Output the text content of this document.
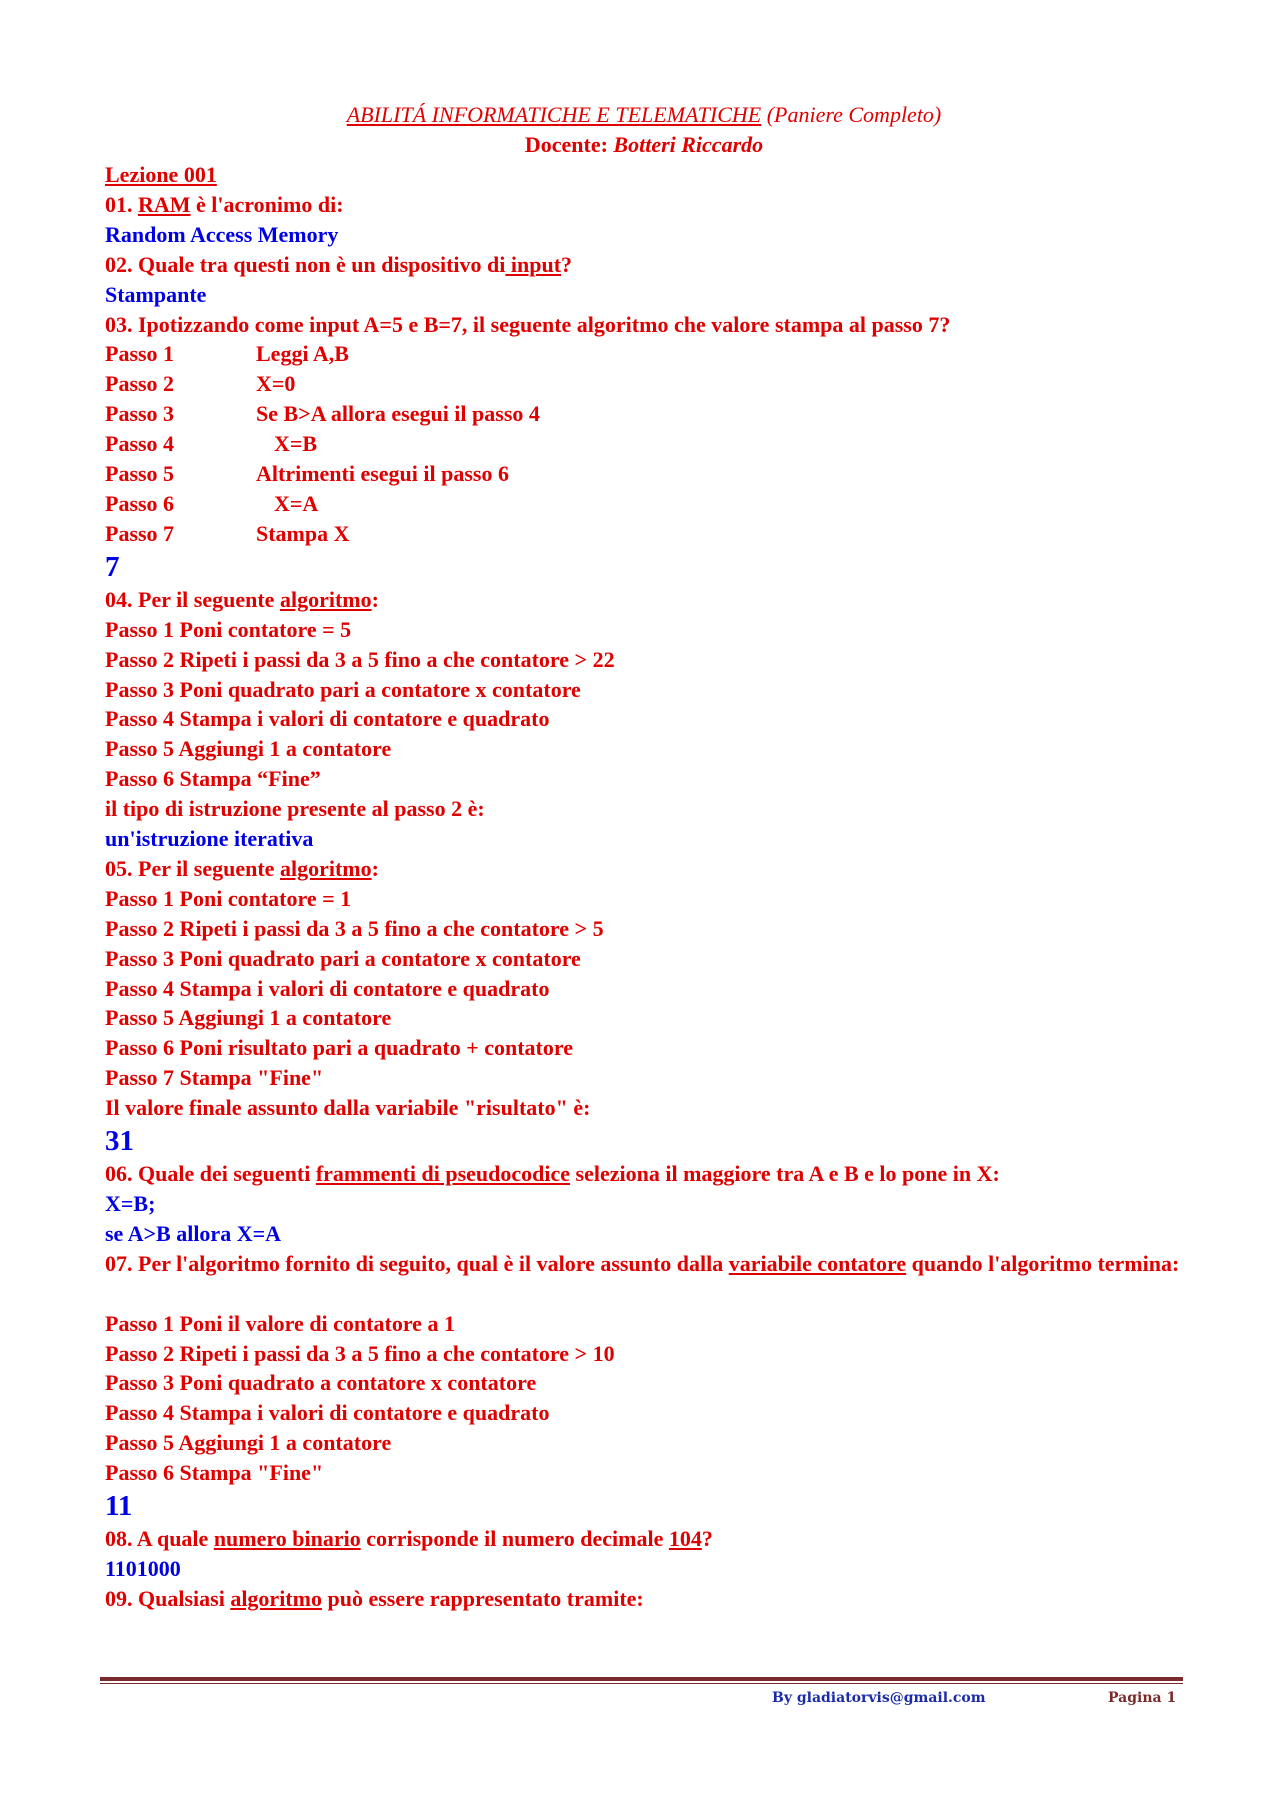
ABILITÁ INFORMATICHE E TELEMATICHE (Paniere Completo)
Docente: Botteri Riccardo
Lezione 001
01. RAM è l'acronimo di:
Random Access Memory
02. Quale tra questi non è un dispositivo di input?
Stampante
03. Ipotizzando come input A=5 e B=7, il seguente algoritmo che valore stampa al passo 7?
Passo 1	Leggi A,B
Passo 2	X=0
Passo 3	Se B>A allora esegui il passo 4
Passo 4	X=B
Passo 5	Altrimenti esegui il passo 6
Passo 6	X=A
Passo 7	Stampa X
7
04. Per il seguente algoritmo:
Passo 1 Poni contatore = 5
Passo 2 Ripeti i passi da 3 a 5 fino a che contatore > 22
Passo 3 Poni quadrato pari a contatore x contatore
Passo 4 Stampa i valori di contatore e quadrato
Passo 5 Aggiungi 1 a contatore
Passo 6 Stampa “Fine”
il tipo di istruzione presente al passo 2 è:
un'istruzione iterativa
05. Per il seguente algoritmo:
Passo 1 Poni contatore = 1
Passo 2 Ripeti i passi da 3 a 5 fino a che contatore > 5
Passo 3 Poni quadrato pari a contatore x contatore
Passo 4 Stampa i valori di contatore e quadrato
Passo 5 Aggiungi 1 a contatore
Passo 6 Poni risultato pari a quadrato + contatore
Passo 7 Stampa "Fine"
Il valore finale assunto dalla variabile "risultato" è:
31
06. Quale dei seguenti frammenti di pseudocodice seleziona il maggiore tra A e B e lo pone in X:
X=B;
se A>B allora X=A
07. Per l'algoritmo fornito di seguito, qual è il valore assunto dalla variabile contatore quando l'algoritmo termina:
Passo 1 Poni il valore di contatore a 1
Passo 2 Ripeti i passi da 3 a 5 fino a che contatore > 10
Passo 3 Poni quadrato a contatore x contatore
Passo 4 Stampa i valori di contatore e quadrato
Passo 5 Aggiungi 1 a contatore
Passo 6 Stampa "Fine"
11
08. A quale numero binario corrisponde il numero decimale 104?
1101000
09. Qualsiasi algoritmo può essere rappresentato tramite:
By gladiatorvis@gmail.com	Pagina 1
